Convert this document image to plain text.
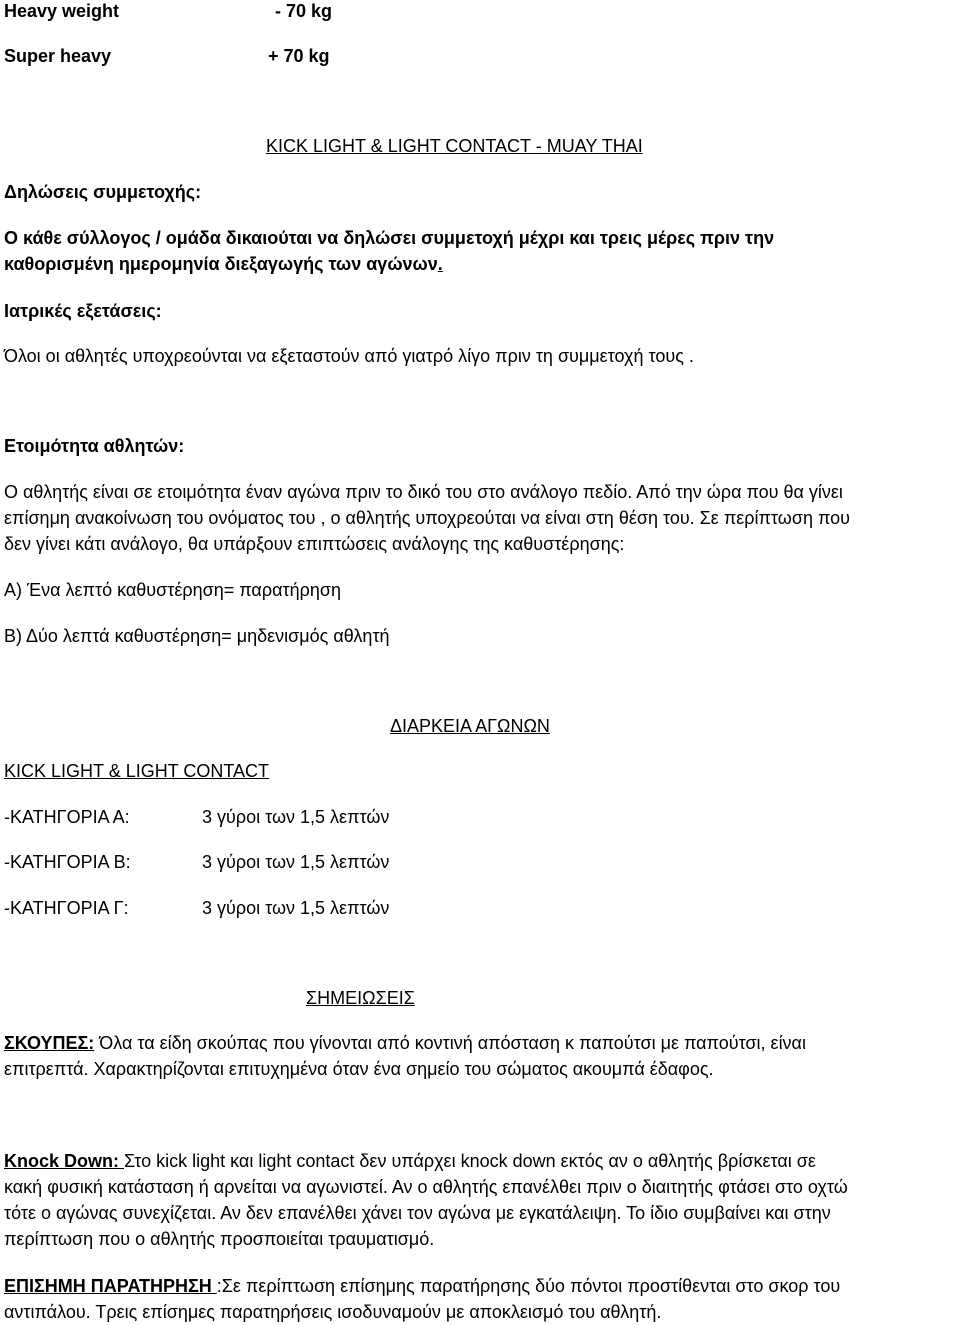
Heavy weight	- 70 kg
Super heavy	+ 70 kg
KICK LIGHT & LIGHT CONTACT - MUAY THAI
Δηλώσεις συμμετοχής:
Ο κάθε σύλλογος / ομάδα δικαιούται να δηλώσει συμμετοχή μέχρι και τρεις μέρες πριν την
καθορισμένη ημερομηνία διεξαγωγής των αγώνων.
Ιατρικές εξετάσεις:
Όλοι οι αθλητές υποχρεούνται να εξεταστούν από γιατρό λίγο πριν τη συμμετοχή τους .
Ετοιμότητα αθλητών:
Ο αθλητής είναι σε ετοιμότητα έναν αγώνα πριν το δικό του στο ανάλογο πεδίο. Από την ώρα που θα γίνει
επίσημη ανακοίνωση του ονόματος του , ο αθλητής υποχρεούται να είναι στη θέση του. Σε περίπτωση που
δεν γίνει κάτι ανάλογο, θα υπάρξουν επιπτώσεις ανάλογης της καθυστέρησης:
Α) Ένα λεπτό καθυστέρηση= παρατήρηση
Β) Δύο λεπτά καθυστέρηση= μηδενισμός αθλητή
ΔΙΑΡΚΕΙΑ ΑΓΩΝΩΝ
KICK LIGHT & LIGHT CONTACT
-ΚΑΤΗΓΟΡΙΑ Α:	3 γύροι των 1,5 λεπτών
-ΚΑΤΗΓΟΡΙΑ Β:	3 γύροι των 1,5 λεπτών
-ΚΑΤΗΓΟΡΙΑ Γ:	3 γύροι των 1,5 λεπτών
ΣΗΜΕΙΩΣΕΙΣ
ΣΚΟΥΠΕΣ: Όλα τα είδη σκούπας που γίνονται από κοντινή απόσταση κ παπούτσι με παπούτσι, είναι
επιτρεπτά. Χαρακτηρίζονται επιτυχημένα όταν ένα σημείο του σώματος ακουμπά έδαφος.
Knock Down: Στο kick light και light contact δεν υπάρχει knock down εκτός αν ο αθλητής βρίσκεται σε
κακή φυσική κατάσταση ή αρνείται να αγωνιστεί. Αν ο αθλητής επανέλθει πριν ο διαιτητής φτάσει στο οχτώ
τότε ο αγώνας συνεχίζεται. Αν δεν επανέλθει χάνει τον αγώνα με εγκατάλειψη. Το ίδιο συμβαίνει και στην
περίπτωση που ο αθλητής προσποιείται τραυματισμό.
ΕΠΙΣΗΜΗ ΠΑΡΑΤΗΡΗΣΗ :Σε περίπτωση επίσημης παρατήρησης δύο πόντοι προστίθενται στο σκορ του
αντιπάλου. Τρεις επίσημες παρατηρήσεις ισοδυναμούν με αποκλεισμό του αθλητή.
